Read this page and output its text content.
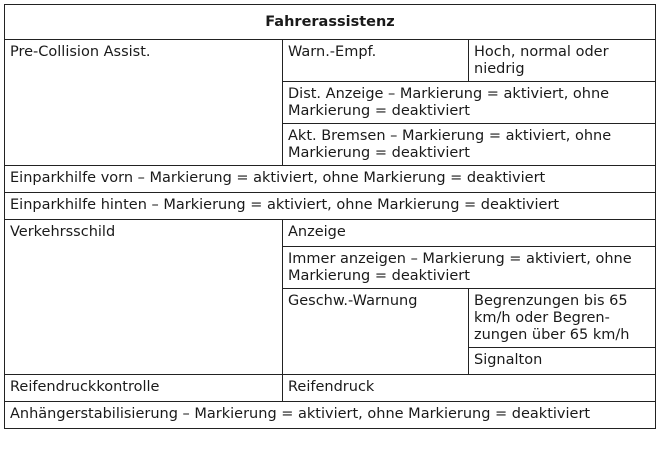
Fahrerassistenz		
Pre-Collision Assist.	Warn.-Empf.	Hoch, normal oder niedrig
	Dist. Anzeige – Markierung = aktiviert, ohne Markierung = deaktiviert	
	Akt. Bremsen – Markierung = aktiviert, ohne Markierung = deaktiviert	
Einparkhilfe vorn – Markierung = aktiviert, ohne Markierung = deaktiviert		
Einparkhilfe hinten – Markierung = aktiviert, ohne Markierung = deaktiviert		
Verkehrsschild	Anzeige	
	Immer anzeigen – Markierung = aktiviert, ohne Markierung = deaktiviert	
	Geschw.-Warnung	Begrenzungen bis 65 km/h oder Begrenzungen über 65 km/h
		Signalton
Reifendruckkontrolle	Reifendruck	
Anhängerstabilisierung – Markierung = aktiviert, ohne Markierung = deaktiviert		
